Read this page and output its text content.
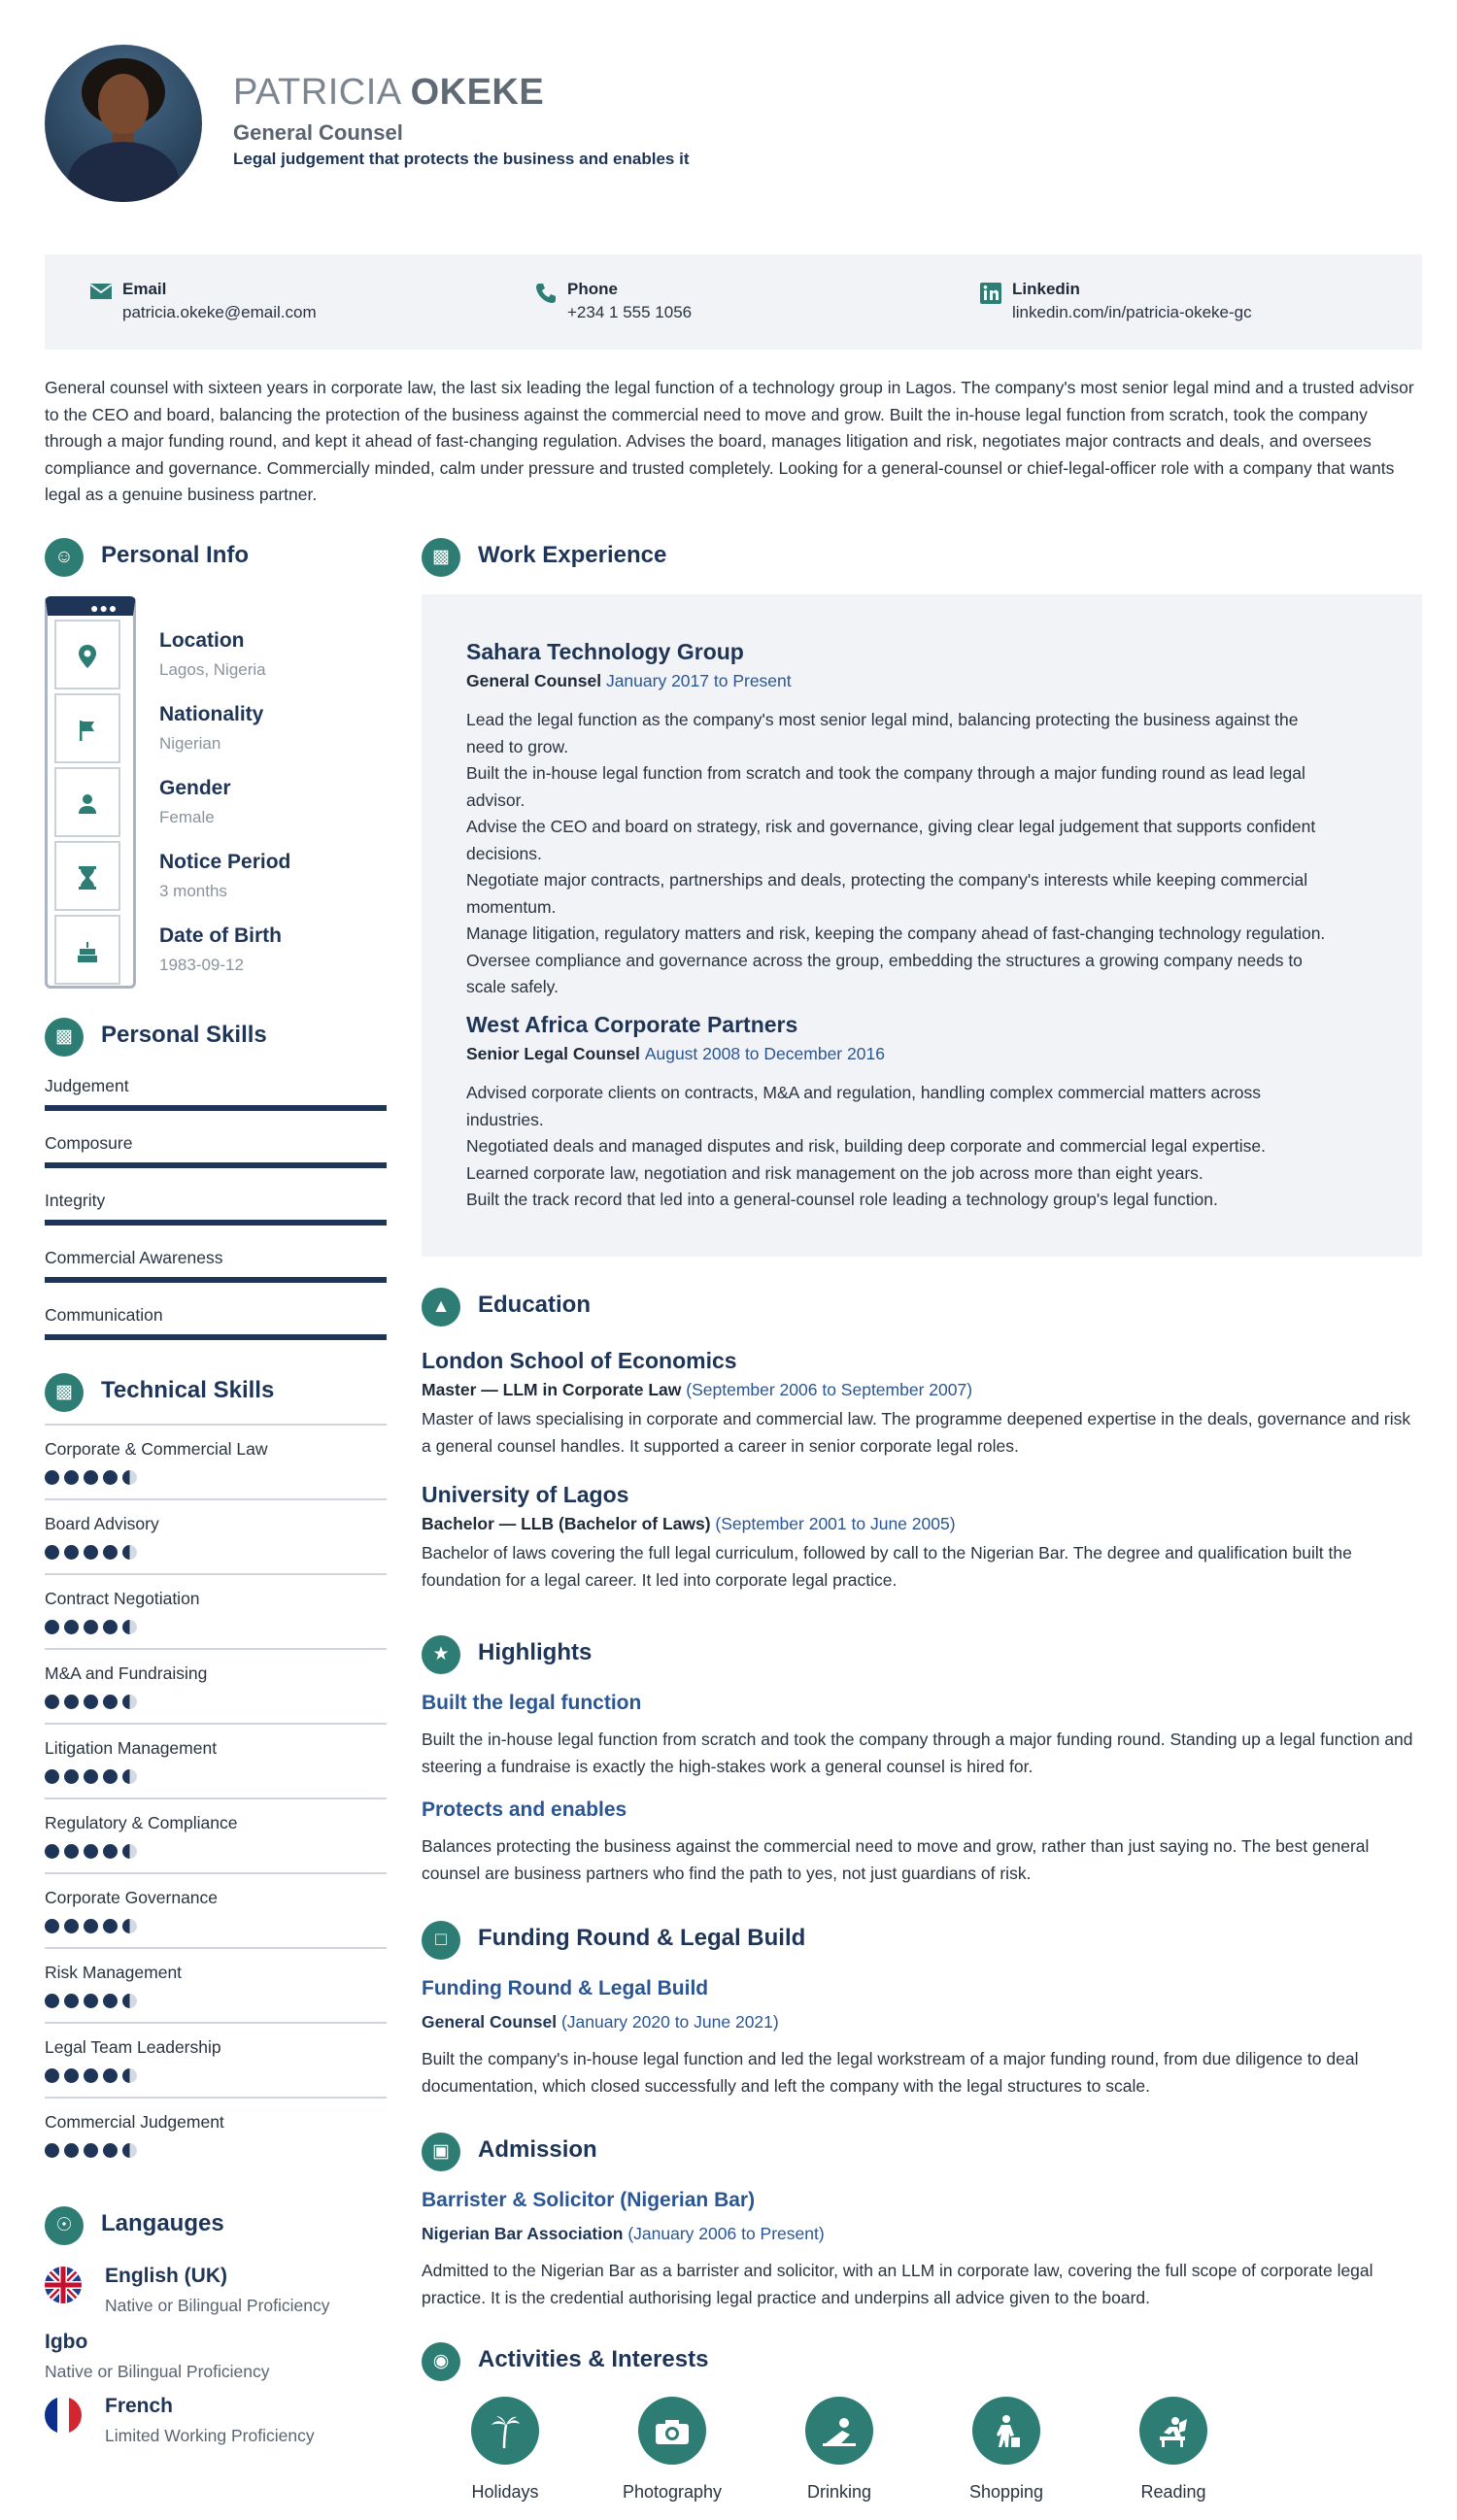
PATRICIA OKEKE
General Counsel
Legal judgement that protects the business and enables it
Email
patricia.okeke@email.com
Phone
+234 1 555 1056
Linkedin
linkedin.com/in/patricia-okeke-gc
General counsel with sixteen years in corporate law, the last six leading the legal function of a technology group in Lagos. The company's most senior legal mind and a trusted advisor to the CEO and board, balancing the protection of the business against the commercial need to move and grow. Built the in-house legal function from scratch, took the company through a major funding round, and kept it ahead of fast-changing regulation. Advises the board, manages litigation and risk, negotiates major contracts and deals, and oversees compliance and governance. Commercially minded, calm under pressure and trusted completely. Looking for a general-counsel or chief-legal-officer role with a company that wants legal as a genuine business partner.
☺	Personal Info
●●●
Location
Lagos, Nigeria
Nationality
Nigerian
Gender
Female
Notice Period
3 months
Date of Birth
1983-09-12
▩	Personal Skills
Judgement
Composure
Integrity
Commercial Awareness
Communication
▩	Technical Skills
Corporate & Commercial Law
Board Advisory
Contract Negotiation
M&A and Fundraising
Litigation Management
Regulatory & Compliance
Corporate Governance
Risk Management
Legal Team Leadership
Commercial Judgement
☉	Langauges
English (UK)
Native or Bilingual Proficiency
Igbo
Native or Bilingual Proficiency
French
Limited Working Proficiency
▩	Work Experience
Sahara Technology Group
General Counsel January 2017 to Present
Lead the legal function as the company's most senior legal mind, balancing protecting the business against the
need to grow.
Built the in-house legal function from scratch and took the company through a major funding round as lead legal
advisor.
Advise the CEO and board on strategy, risk and governance, giving clear legal judgement that supports confident
decisions.
Negotiate major contracts, partnerships and deals, protecting the company's interests while keeping commercial
momentum.
Manage litigation, regulatory matters and risk, keeping the company ahead of fast-changing technology regulation.
Oversee compliance and governance across the group, embedding the structures a growing company needs to
scale safely.
West Africa Corporate Partners
Senior Legal Counsel August 2008 to December 2016
Advised corporate clients on contracts, M&A and regulation, handling complex commercial matters across
industries.
Negotiated deals and managed disputes and risk, building deep corporate and commercial legal expertise.
Learned corporate law, negotiation and risk management on the job across more than eight years.
Built the track record that led into a general-counsel role leading a technology group's legal function.
▲	Education
London School of Economics
Master — LLM in Corporate Law (September 2006 to September 2007)
Master of laws specialising in corporate and commercial law. The programme deepened expertise in the deals, governance and risk a general counsel handles. It supported a career in senior corporate legal roles.
University of Lagos
Bachelor — LLB (Bachelor of Laws) (September 2001 to June 2005)
Bachelor of laws covering the full legal curriculum, followed by call to the Nigerian Bar. The degree and qualification built the foundation for a legal career. It led into corporate legal practice.
★	Highlights
Built the legal function
Built the in-house legal function from scratch and took the company through a major funding round. Standing up a legal function and steering a fundraise is exactly the high-stakes work a general counsel is hired for.
Protects and enables
Balances protecting the business against the commercial need to move and grow, rather than just saying no. The best general counsel are business partners who find the path to yes, not just guardians of risk.
□	Funding Round & Legal Build
Funding Round & Legal Build
General Counsel (January 2020 to June 2021)
Built the company's in-house legal function and led the legal workstream of a major funding round, from due diligence to deal documentation, which closed successfully and left the company with the legal structures to scale.
▣	Admission
Barrister & Solicitor (Nigerian Bar)
Nigerian Bar Association (January 2006 to Present)
Admitted to the Nigerian Bar as a barrister and solicitor, with an LLM in corporate law, covering the full scope of corporate legal practice. It is the credential authorising legal practice and underpins all advice given to the board.
◉	Activities & Interests
Holidays	Photography	Drinking	Shopping	Reading
